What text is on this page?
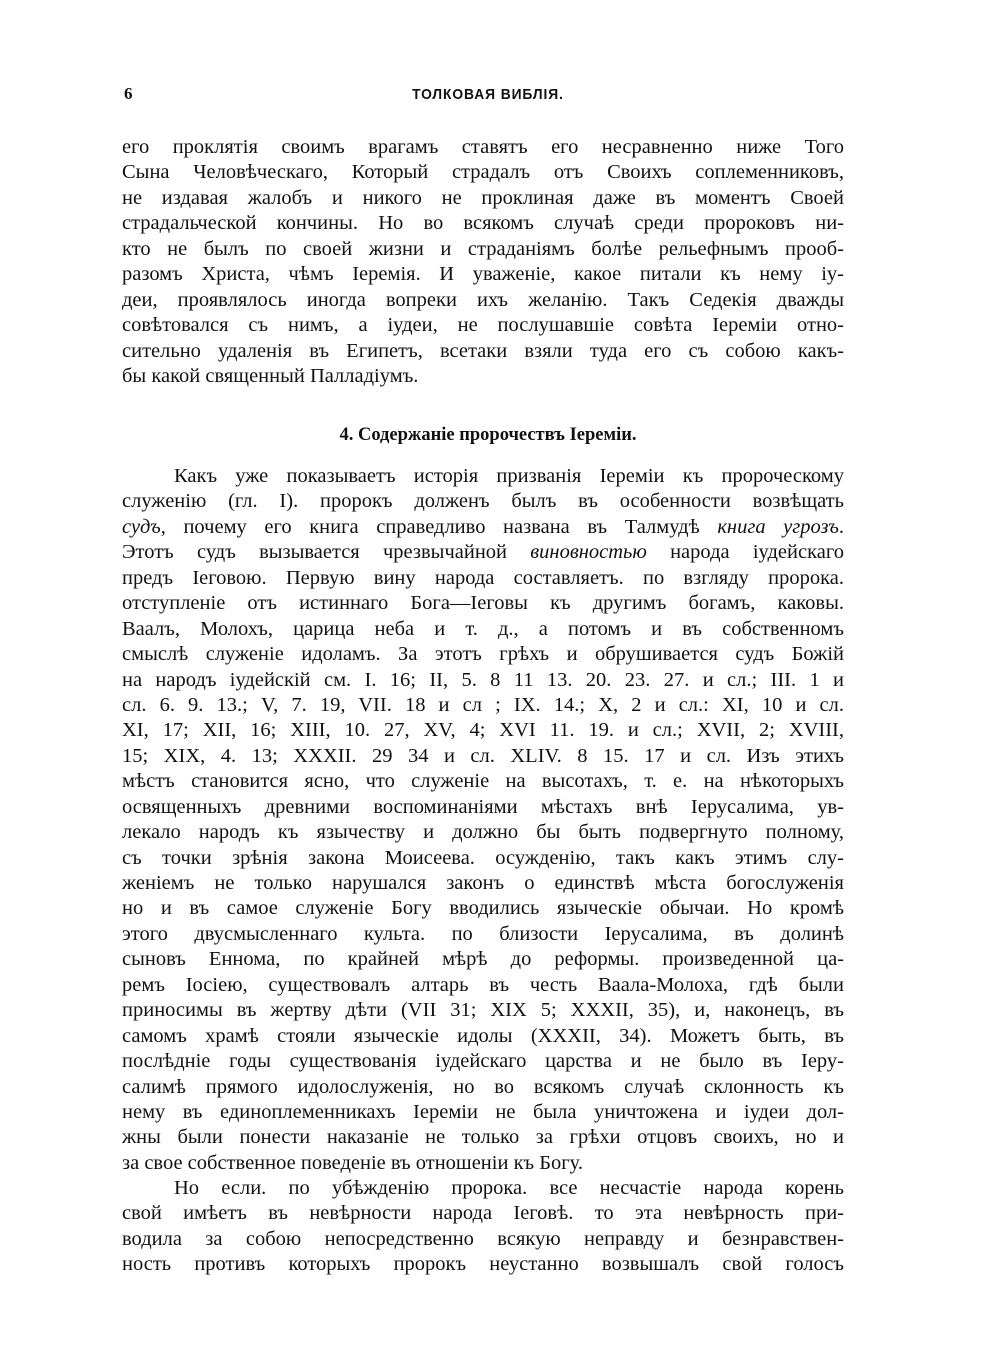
6	ТОЛКОВАЯ ВИБЛІЯ.
его проклятія своимъ врагамъ ставятъ его несравненно ниже Того
Сына Человѣческаго, Который страдалъ отъ Своихъ соплеменниковъ,
не издавая жалобъ и никого не проклиная даже въ моментъ Своей
страдальческой кончины. Но во всякомъ случаѣ среди пророковъ ни-
кто не былъ по своей жизни и страданіямъ болѣе рельефнымъ прооб-
разомъ Христа, чѣмъ Іеремія. И уваженіе, какое питали къ нему іу-
деи, проявлялось иногда вопреки ихъ желанію. Такъ Седекія дважды
совѣтовался съ нимъ, а іудеи, не послушавшіе совѣта Іереміи отно-
сительно удаленія въ Египетъ, всетаки взяли туда его съ собою какъ-
бы какой священный Палладіумъ.
4. Содержаніе пророчествъ Іереміи.
Какъ уже показываетъ исторія призванія Іереміи къ пророческому
служенію (гл. I). пророкъ долженъ былъ въ особенности возвѣщать
судъ, почему его книга справедливо названа въ Талмудѣ книга угрозъ.
Этотъ судъ вызывается чрезвычайной виновностью народа іудейскаго
предъ Іеговою. Первую вину народа составляетъ. по взгляду пророка.
отступленіе отъ истиннаго Бога—Іеговы къ другимъ богамъ, каковы.
Ваалъ, Молохъ, царица неба и т. д., а потомъ и въ собственномъ
смыслѣ служеніе идоламъ. За этотъ грѣхъ и обрушивается судъ Божій
на народъ іудейскій см. I. 16; II, 5. 8 11 13. 20. 23. 27. и сл.; III. 1 и
сл. 6. 9. 13.; V, 7. 19, VII. 18 и сл ; IX. 14.; X, 2 и сл.: XI, 10 и сл.
XI, 17; XII, 16; XIII, 10. 27, XV, 4; XVI 11. 19. и сл.; XVII, 2; XVIII,
15; XIX, 4. 13; XXXII. 29 34 и сл. XLIV. 8 15. 17 и сл. Изъ этихъ
мѣстъ становится ясно, что служеніе на высотахъ, т. е. на нѣкоторыхъ
освященныхъ древними воспоминаніями мѣстахъ внѣ Іерусалима, ув-
лекало народъ къ язычеству и должно бы быть подвергнуто полному,
съ точки зрѣнія закона Моисеева. осужденію, такъ какъ этимъ слу-
женіемъ не только нарушался законъ о единствѣ мѣста богослуженія
но и въ самое служеніе Богу вводились языческіе обычаи. Но кромѣ
этого двусмысленнаго культа. по близости Іерусалима, въ долинѣ
сыновъ Еннома, по крайней мѣрѣ до реформы. произведенной ца-
ремъ Іосіею, существовалъ алтарь въ честь Ваала-Молоха, гдѣ были
приносимы въ жертву дѣти (VII 31; XIX 5; XXXII, 35), и, наконецъ, въ
самомъ храмѣ стояли языческіе идолы (XXXII, 34). Можетъ быть, въ
послѣдніе годы существованія іудейскаго царства и не было въ Іеру-
салимѣ прямого идолослуженія, но во всякомъ случаѣ склонность къ
нему въ единоплеменникахъ Іереміи не была уничтожена и іудеи дол-
жны были понести наказаніе не только за грѣхи отцовъ своихъ, но и
за свое собственное поведеніе въ отношеніи къ Богу.
Но если. по убѣжденію пророка. все несчастіе народа корень
свой имѣетъ въ невѣрности народа Іеговѣ. то эта невѣрность при-
водила за собою непосредственно всякую неправду и безнравствен-
ность противъ которыхъ пророкъ неустанно возвышалъ свой голосъ
